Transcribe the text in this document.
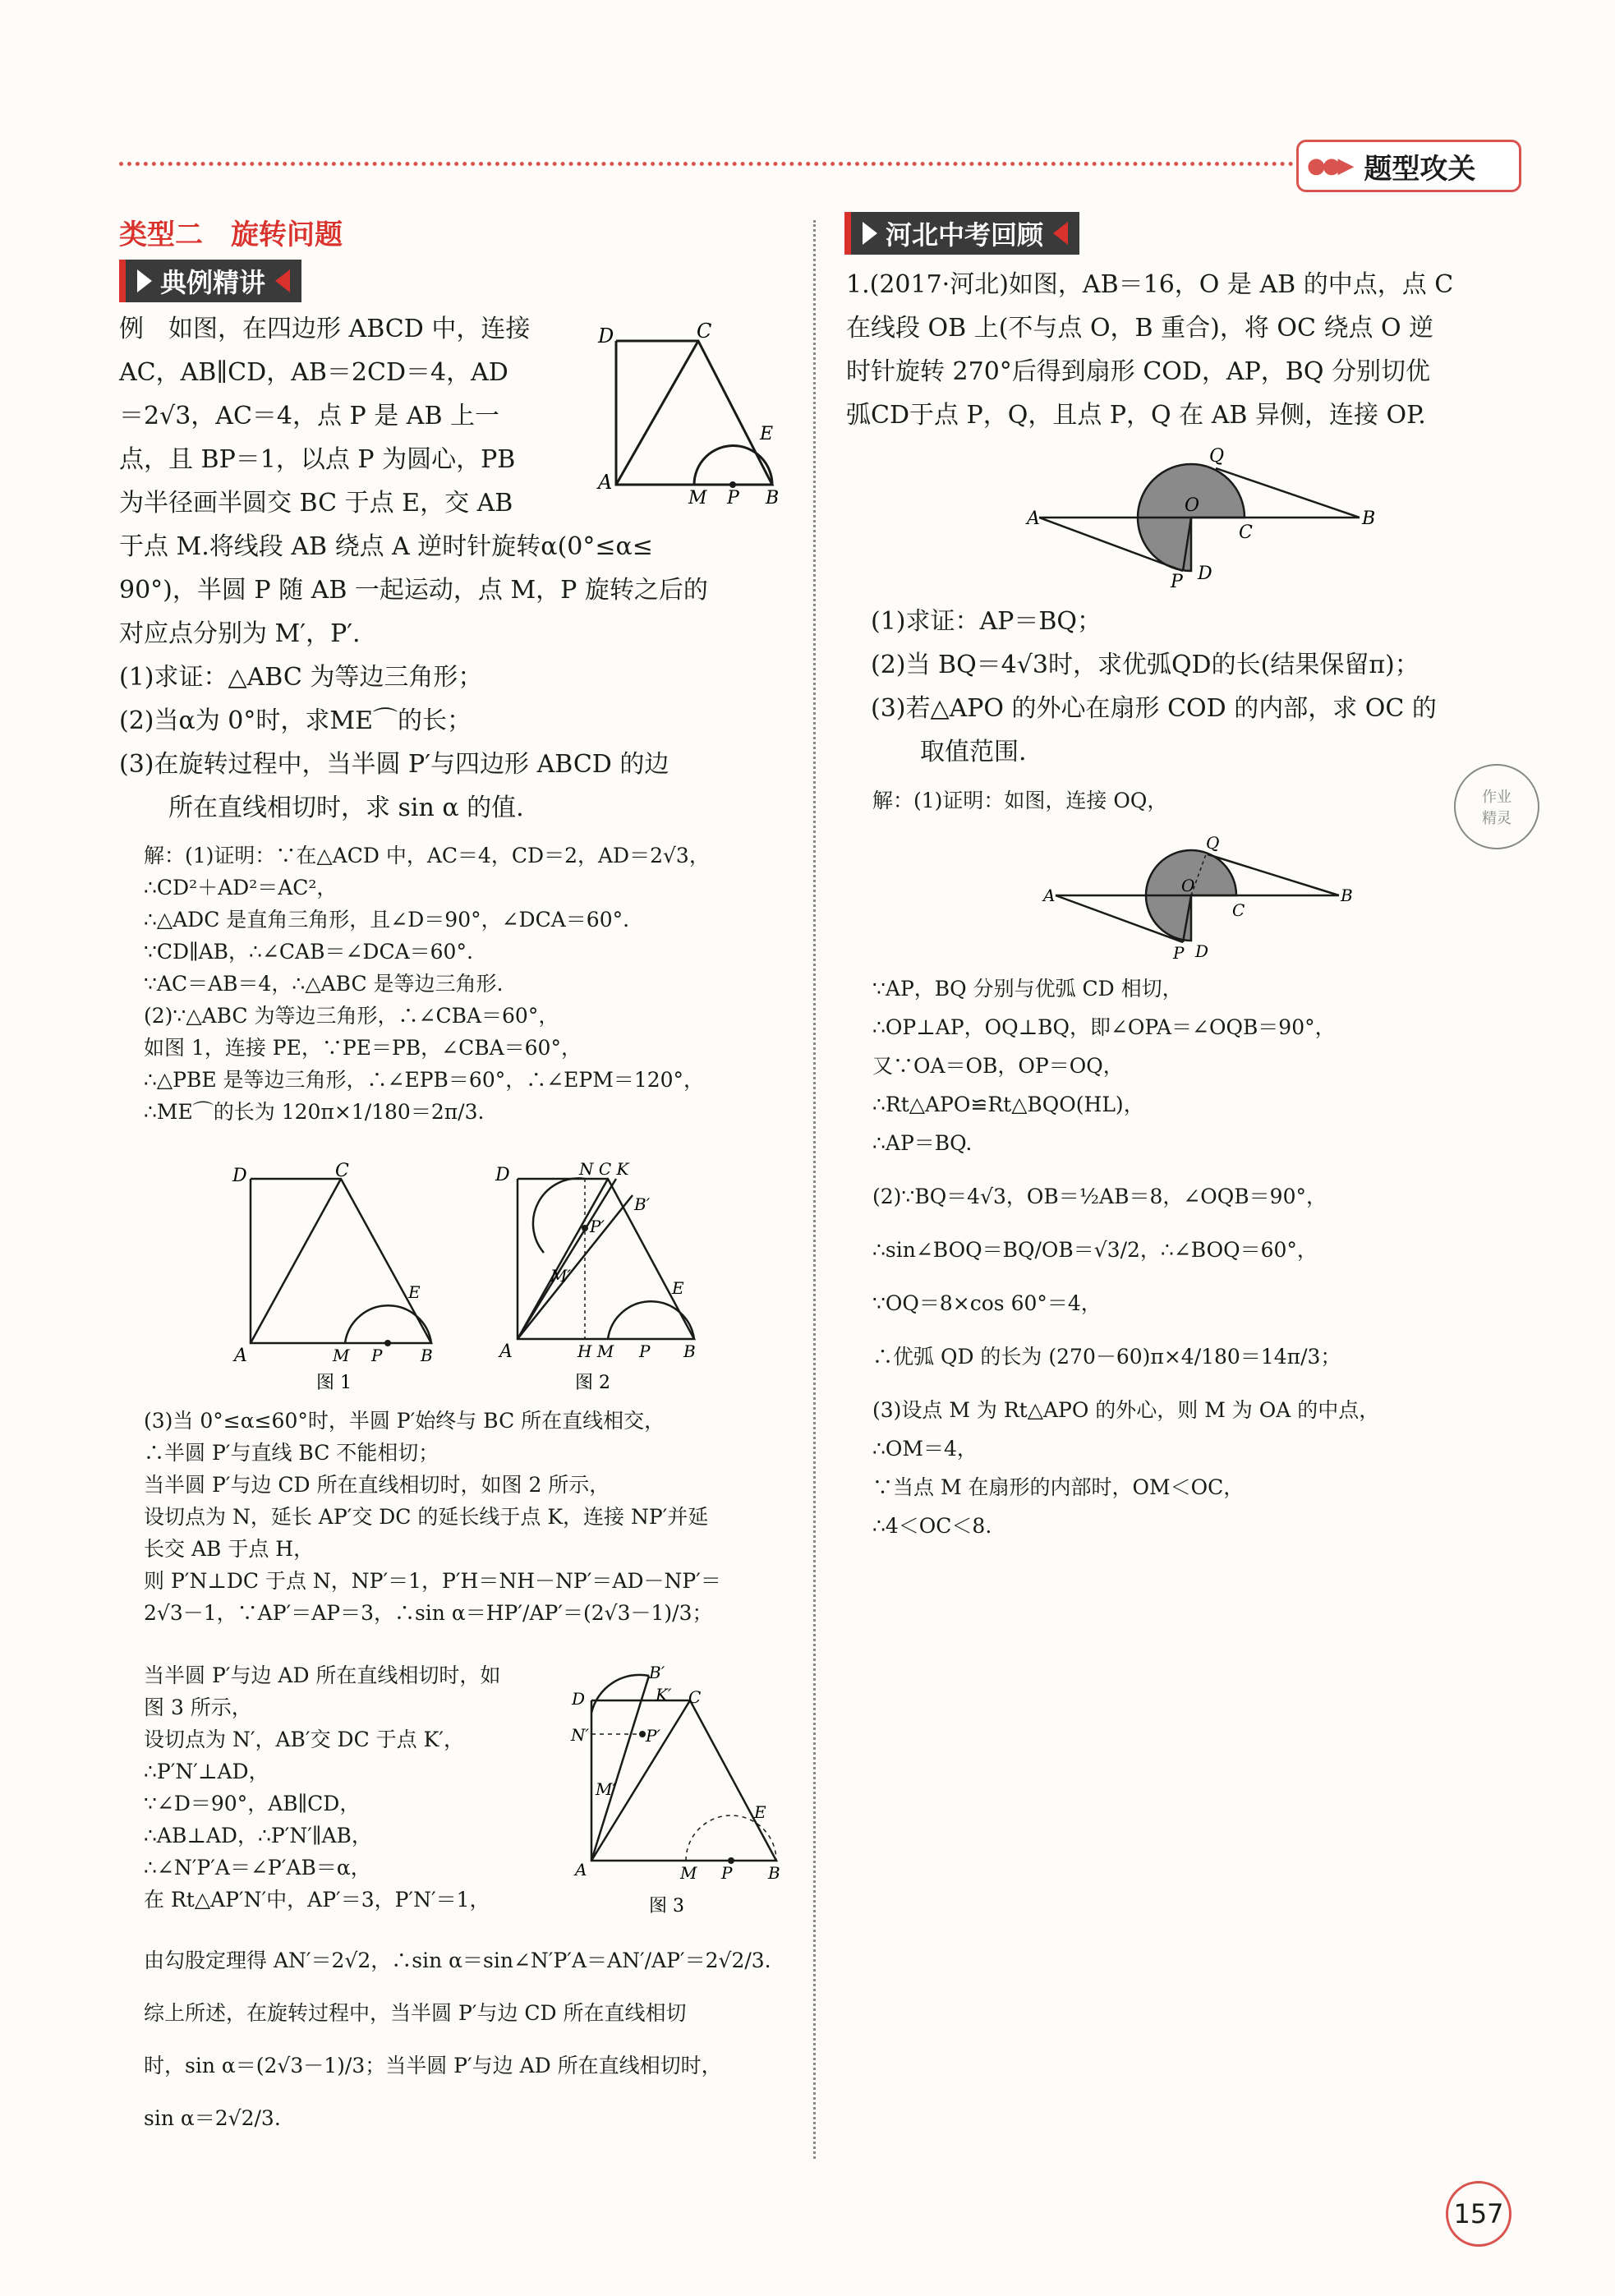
●●▶ 题型攻关
类型二　旋转问题
典例精讲
例　如图，在四边形 ABCD 中，连接
AC，AB∥CD，AB＝2CD＝4，AD
＝2√3，AC＝4，点 P 是 AB 上一
点，且 BP＝1，以点 P 为圆心，PB
为半径画半圆交 BC 于点 E，交 AB
于点 M.将线段 AB 绕点 A 逆时针旋转α(0°≤α≤
90°)，半圆 P 随 AB 一起运动，点 M，P 旋转之后的
对应点分别为 M′，P′.
(1)求证：△ABC 为等边三角形；
(2)当α为 0°时，求ME⌒的长；
(3)在旋转过程中，当半圆 P′与四边形 ABCD 的边
　　所在直线相切时，求 sin α 的值.
D	C
E
A
M P B
解：(1)证明：∵在△ACD 中，AC＝4，CD＝2，AD＝2√3，
∴CD²＋AD²＝AC²，
∴△ADC 是直角三角形，且∠D＝90°，∠DCA＝60°.
∵CD∥AB，∴∠CAB＝∠DCA＝60°.
∵AC＝AB＝4，∴△ABC 是等边三角形.
(2)∵△ABC 为等边三角形，∴∠CBA＝60°，
如图 1，连接 PE，∵PE＝PB，∠CBA＝60°，
∴△PBE 是等边三角形，∴∠EPB＝60°，∴∠EPM＝120°，
∴ME⌒的长为 120π×1/180＝2π/3.
D	C
E
A	M P B
图 1
D	N C K
B′
P′
M′
E
A	H M P B
图 2
(3)当 0°≤α≤60°时，半圆 P′始终与 BC 所在直线相交，
∴半圆 P′与直线 BC 不能相切；
当半圆 P′与边 CD 所在直线相切时，如图 2 所示，
设切点为 N，延长 AP′交 DC 的延长线于点 K，连接 NP′并延
长交 AB 于点 H，
则 P′N⊥DC 于点 N，NP′＝1，P′H＝NH－NP′＝AD－NP′＝
2√3－1，∵AP′＝AP＝3，∴sin α＝HP′/AP′＝(2√3－1)/3；
当半圆 P′与边 AD 所在直线相切时，如
图 3 所示，
设切点为 N′，AB′交 DC 于点 K′，
∴P′N′⊥AD，
∵∠D＝90°，AB∥CD，
∴AB⊥AD，∴P′N′∥AB，
∴∠N′P′A＝∠P′AB＝α，
在 Rt△AP′N′中，AP′＝3，P′N′＝1，
B′
D	K′ C
N′	P′
M′
E
A	M P B
图 3
由勾股定理得 AN′＝2√2，∴sin α＝sin∠N′P′A＝AN′/AP′＝2√2/3.
综上所述，在旋转过程中，当半圆 P′与边 CD 所在直线相切
时，sin α＝(2√3－1)/3；当半圆 P′与边 AD 所在直线相切时，
sin α＝2√2/3.
河北中考回顾
1.(2017·河北)如图，AB＝16，O 是 AB 的中点，点 C
在线段 OB 上(不与点 O，B 重合)，将 OC 绕点 O 逆
时针旋转 270°后得到扇形 COD，AP，BQ 分别切优
弧CD于点 P，Q，且点 P，Q 在 AB 异侧，连接 OP.
A	B
Q
O
C
P D
(1)求证：AP＝BQ；
(2)当 BQ＝4√3时，求优弧QD的长(结果保留π)；
(3)若△APO 的外心在扇形 COD 的内部，求 OC 的
　　取值范围.
作业
精灵
解：(1)证明：如图，连接 OQ，
A	B
Q
O
C
P D
∵AP，BQ 分别与优弧 CD 相切，
∴OP⊥AP，OQ⊥BQ，即∠OPA＝∠OQB＝90°，
又∵OA＝OB，OP＝OQ，
∴Rt△APO≌Rt△BQO(HL)，
∴AP＝BQ.
(2)∵BQ＝4√3，OB＝½AB＝8，∠OQB＝90°，
∴sin∠BOQ＝BQ/OB＝√3/2，∴∠BOQ＝60°，
∵OQ＝8×cos 60°＝4，
∴优弧 QD 的长为 (270－60)π×4/180＝14π/3；
(3)设点 M 为 Rt△APO 的外心，则 M 为 OA 的中点，
∴OM＝4，
∵当点 M 在扇形的内部时，OM＜OC，
∴4＜OC＜8.
157
